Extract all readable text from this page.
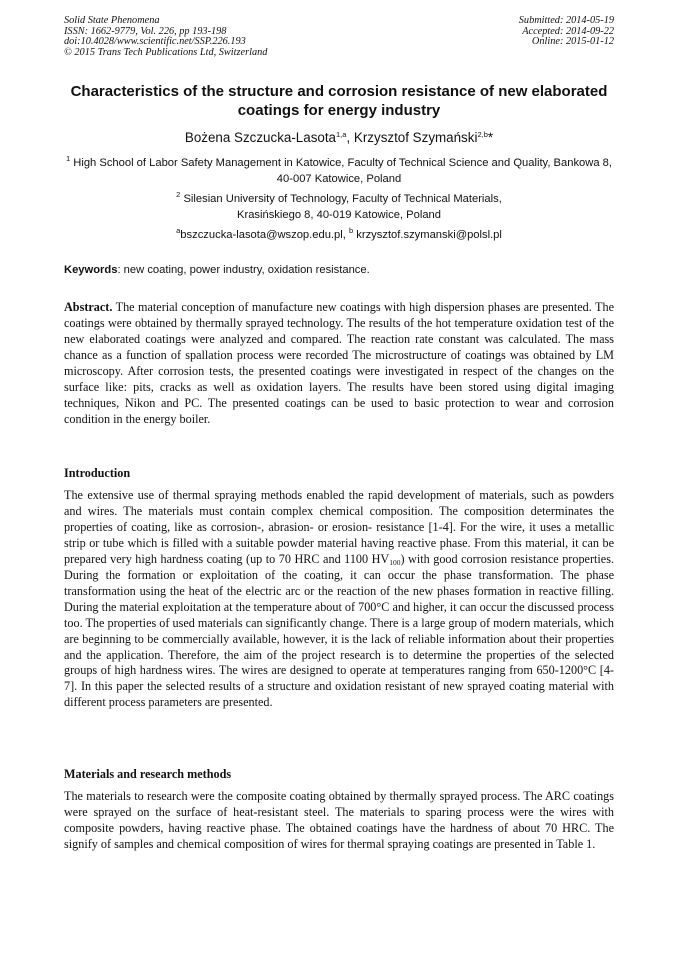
Solid State Phenomena
ISSN: 1662-9779, Vol. 226, pp 193-198
doi:10.4028/www.scientific.net/SSP.226.193
© 2015 Trans Tech Publications Ltd, Switzerland
Submitted: 2014-05-19
Accepted: 2014-09-22
Online: 2015-01-12
Characteristics of the structure and corrosion resistance of new elaborated coatings for energy industry
Bożena Szczucka-Lasota$^{1,a}$, Krzysztof Szymański$^{2,b}$*
$^1$ High School of Labor Safety Management in Katowice, Faculty of Technical Science and Quality, Bankowa 8, 40-007 Katowice, Poland
$^2$ Silesian University of Technology, Faculty of Technical Materials,
Krasińskiego 8, 40-019 Katowice, Poland
$^a$bszczucka-lasota@wszop.edu.pl, $^b$ krzysztof.szymanski@polsl.pl
Keywords: new coating, power industry, oxidation resistance.
Abstract. The material conception of manufacture new coatings with high dispersion phases are presented. The coatings were obtained by thermally sprayed technology. The results of the hot temperature oxidation test of the new elaborated coatings were analyzed and compared. The reaction rate constant was calculated. The mass chance as a function of spallation process were recorded The microstructure of coatings was obtained by LM microscopy. After corrosion tests, the presented coatings were investigated in respect of the changes on the surface like: pits, cracks as well as oxidation layers. The results have been stored using digital imaging techniques, Nikon and PC. The presented coatings can be used to basic protection to wear and corrosion condition in the energy boiler.
Introduction
The extensive use of thermal spraying methods enabled the rapid development of materials, such as powders and wires. The materials must contain complex chemical composition. The composition determinates the properties of coating, like as corrosion-, abrasion- or erosion- resistance [1-4]. For the wire, it uses a metallic strip or tube which is filled with a suitable powder material having reactive phase. From this material, it can be prepared very high hardness coating (up to 70 HRC and 1100 $HV_{100}$) with good corrosion resistance properties. During the formation or exploitation of the coating, it can occur the phase transformation. The phase transformation using the heat of the electric arc or the reaction of the new phases formation in reactive filling. During the material exploitation at the temperature about of 700°C and higher, it can occur the discussed process too. The properties of used materials can significantly change. There is a large group of modern materials, which are beginning to be commercially available, however, it is the lack of reliable information about their properties and the application. Therefore, the aim of the project research is to determine the properties of the selected groups of high hardness wires. The wires are designed to operate at temperatures ranging from 650-1200°C [4-7]. In this paper the selected results of a structure and oxidation resistant of new sprayed coating material with different process parameters are presented.
Materials and research methods
The materials to research were the composite coating obtained by thermally sprayed process. The ARC coatings were sprayed on the surface of heat-resistant steel. The materials to sparing process were the wires with composite powders, having reactive phase. The obtained coatings have the hardness of about 70 HRC. The signify of samples and chemical composition of wires for thermal spraying coatings are presented in Table 1.
